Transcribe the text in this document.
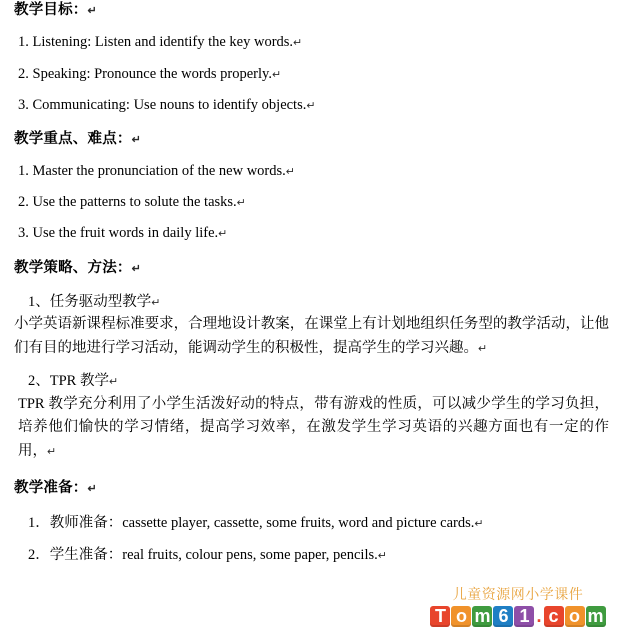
教学目标：↵
1. Listening: Listen and identify the key words.↵
2. Speaking: Pronounce the words properly.↵
3. Communicating: Use nouns to identify objects.↵
教学重点、难点：↵
1. Master the pronunciation of the new words.↵
2. Use the patterns to solute the tasks.↵
3. Use the fruit words in daily life.↵
教学策略、方法：↵
1、任务驱动型教学↵
小学英语新课程标准要求，合理地设计教案，在课堂上有计划地组织任务型的教学活动，让他们有目的地进行学习活动，能调动学生的积极性，提高学生的学习兴趣。↵
2、TPR 教学↵
TPR 教学充分利用了小学生活泼好动的特点，带有游戏的性质，可以减少学生的学习负担，培养他们愉快的学习情绪，提高学习效率，在激发学生学习英语的兴趣方面也有一定的作用，↵
教学准备：↵
1．教师准备：cassette player, cassette, some fruits, word and picture cards.↵
2．学生准备：real fruits, colour pens, some paper, pencils.↵
儿童资源网小学课件
T o m 6 1 . c o m
